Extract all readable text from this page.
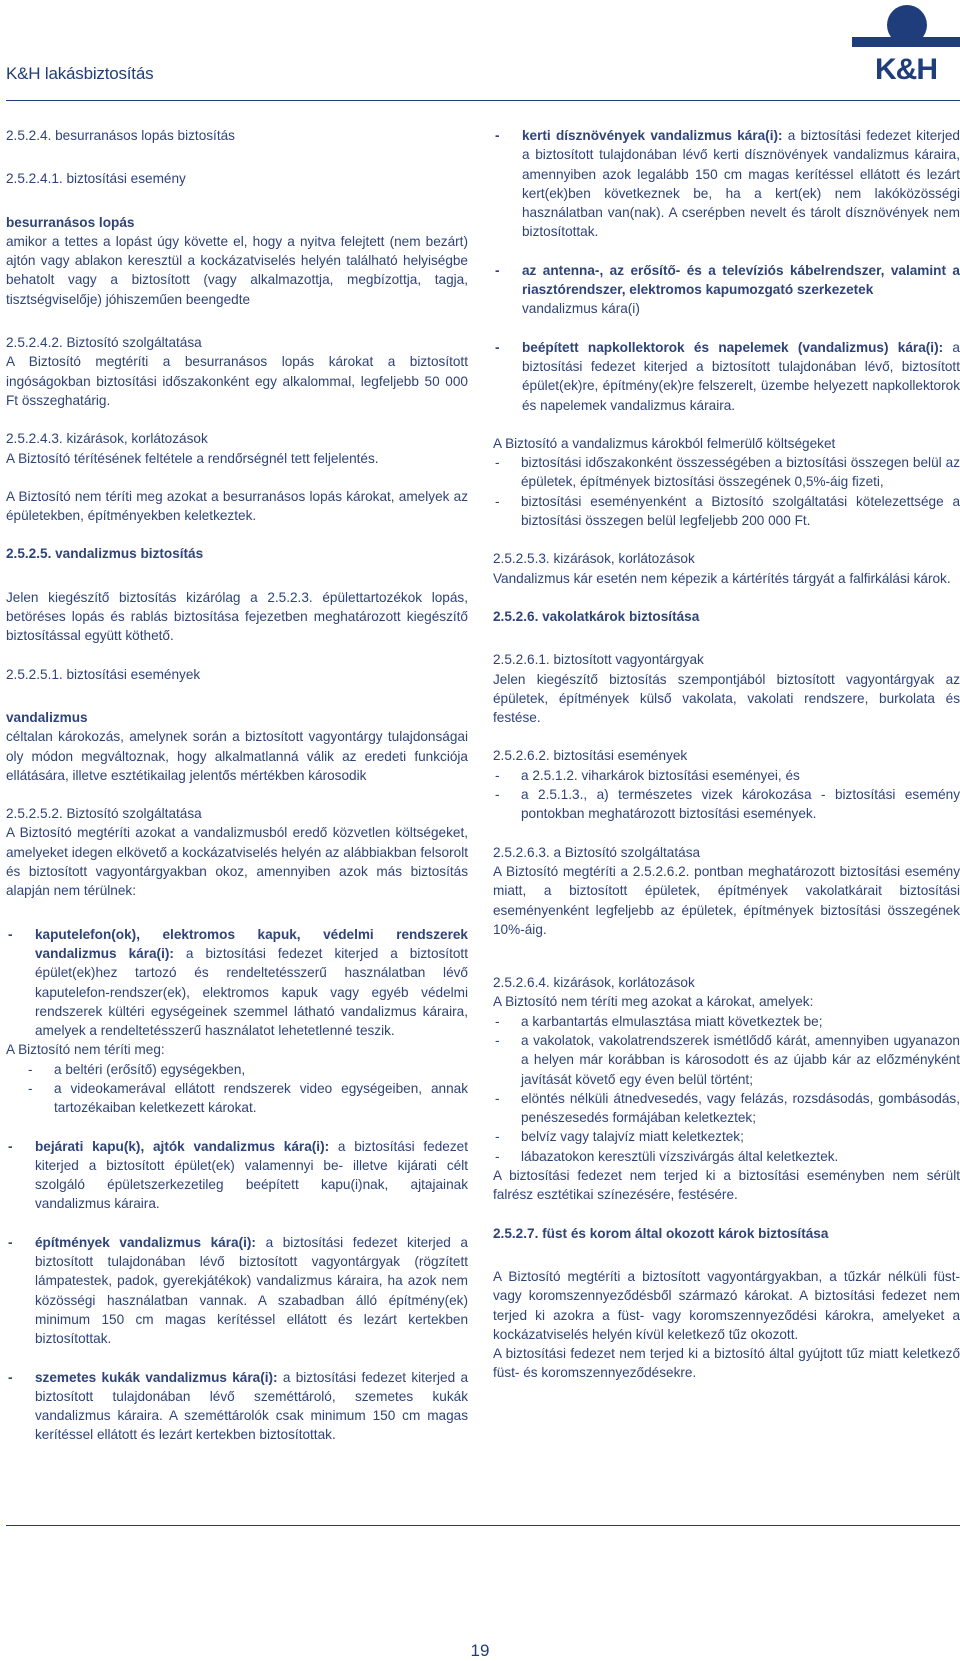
K&H lakásbiztosítás	K&H

2.5.2.4. besurranásos lopás biztosítás

2.5.2.4.1. biztosítási esemény

besurranásos lopás

amikor a tettes a lopást úgy követte el, hogy a nyitva felejtett (nem bezárt) ajtón vagy ablakon keresztül a kockázatviselés helyén található helyiségbe behatolt vagy a biztosított (vagy alkalmazottja, megbízottja, tagja, tisztségviselője) jóhiszeműen beengedte

2.5.2.4.2. Biztosító szolgáltatása

A Biztosító megtéríti a besurranásos lopás károkat a biztosított ingóságokban biztosítási időszakonként egy alkalommal, legfeljebb 50 000 Ft összeghatárig.

2.5.2.4.3. kizárások, korlátozások

A Biztosító térítésének feltétele a rendőrségnél tett feljelentés.

A Biztosító nem téríti meg azokat a besurranásos lopás károkat, amelyek az épületekben, építményekben keletkeztek.

2.5.2.5. vandalizmus biztosítás

Jelen kiegészítő biztosítás kizárólag a 2.5.2.3. épülettartozékok lopás, betöréses lopás és rablás biztosítása fejezetben meghatározott kiegészítő biztosítással együtt köthető.

2.5.2.5.1. biztosítási események

vandalizmus

céltalan károkozás, amelynek során a biztosított vagyontárgy tulajdonságai oly módon megváltoznak, hogy alkalmatlanná válik az eredeti funkciója ellátására, illetve esztétikailag jelentős mértékben károsodik

2.5.2.5.2. Biztosító szolgáltatása

A Biztosító megtéríti azokat a vandalizmusból eredő közvetlen költségeket, amelyeket idegen elkövető a kockázatviselés helyén az alábbiakban felsorolt és biztosított vagyontárgyakban okoz, amennyiben azok más biztosítás alapján nem térülnek:

- kaputelefon(ok), elektromos kapuk, védelmi rendszerek vandalizmus kára(i): a biztosítási fedezet kiterjed a biztosított épület(ek)hez tartozó és rendeltetésszerű használatban lévő kaputelefon-rendszer(ek), elektromos kapuk vagy egyéb védelmi rendszerek kültéri egységeinek szemmel látható vandalizmus káraira, amelyek a rendeltetésszerű használatot lehetetlenné teszik.
A Biztosító nem téríti meg:
- a beltéri (erősítő) egységekben,
- a videokamerával ellátott rendszerek video egységeiben, annak tartozékaiban keletkezett károkat.
- bejárati kapu(k), ajtók vandalizmus kára(i): a biztosítási fedezet kiterjed a biztosított épület(ek) valamennyi be- illetve kijárati célt szolgáló épületszerkezetileg beépített kapu(i)nak, ajtajainak vandalizmus káraira.
- építmények vandalizmus kára(i): a biztosítási fedezet kiterjed a biztosított tulajdonában lévő biztosított vagyontárgyak (rögzített lámpatestek, padok, gyerekjátékok) vandalizmus káraira, ha azok nem közösségi használatban vannak. A szabadban álló építmény(ek) minimum 150 cm magas kerítéssel ellátott és lezárt kertekben biztosítottak.
- szemetes kukák vandalizmus kára(i): a biztosítási fedezet kiterjed a biztosított tulajdonában lévő szeméttároló, szemetes kukák vandalizmus káraira. A szeméttárolók csak minimum 150 cm magas kerítéssel ellátott és lezárt kertekben biztosítottak.
- kerti dísznövények vandalizmus kára(i): a biztosítási fedezet kiterjed a biztosított tulajdonában lévő kerti dísznövények vandalizmus káraira, amennyiben azok legalább 150 cm magas kerítéssel ellátott és lezárt kert(ek)ben következnek be, ha a kert(ek) nem lakóközösségi használatban van(nak). A cserépben nevelt és tárolt dísznövények nem biztosítottak.
- az antenna-, az erősítő- és a televíziós kábelrendszer, valamint a riasztórendszer, elektromos kapumozgató szerkezetek
vandalizmus kára(i)
- beépített napkollektorok és napelemek (vandalizmus) kára(i): a biztosítási fedezet kiterjed a biztosított tulajdonában lévő, biztosított épület(ek)re, építmény(ek)re felszerelt, üzembe helyezett napkollektorok és napelemek vandalizmus káraira.

A Biztosító a vandalizmus károkból felmerülő költségeket

- biztosítási időszakonként összességében a biztosítási összegen belül az épületek, építmények biztosítási összegének 0,5%-áig fizeti,
- biztosítási eseményenként a Biztosító szolgáltatási kötelezettsége a biztosítási összegen belül legfeljebb 200 000 Ft.

2.5.2.5.3. kizárások, korlátozások

Vandalizmus kár esetén nem képezik a kártérítés tárgyát a falfirkálási károk.

2.5.2.6. vakolatkárok biztosítása

2.5.2.6.1. biztosított vagyontárgyak

Jelen kiegészítő biztosítás szempontjából biztosított vagyontárgyak az épületek, építmények külső vakolata, vakolati rendszere, burkolata és festése.

2.5.2.6.2. biztosítási események

- a 2.5.1.2. viharkárok biztosítási eseményei, és
- a 2.5.1.3., a) természetes vizek károkozása - biztosítási esemény pontokban meghatározott biztosítási események.

2.5.2.6.3. a Biztosító szolgáltatása

A Biztosító megtéríti a 2.5.2.6.2. pontban meghatározott biztosítási esemény miatt, a biztosított épületek, építmények vakolatkárait biztosítási eseményenként legfeljebb az épületek, építmények biztosítási összegének 10%-áig.

2.5.2.6.4. kizárások, korlátozások

A Biztosító nem téríti meg azokat a károkat, amelyek:

- a karbantartás elmulasztása miatt következtek be;
- a vakolatok, vakolatrendszerek ismétlődő kárát, amennyiben ugyanazon a helyen már korábban is károsodott és az újabb kár az előzményként javítását követő egy éven belül történt;
- elöntés nélküli átnedvesedés, vagy felázás, rozsdásodás, gombásodás, penészesedés formájában keletkeztek;
- belvíz vagy talajvíz miatt keletkeztek;
- lábazatokon keresztüli vízszivárgás által keletkeztek.

A biztosítási fedezet nem terjed ki a biztosítási eseményben nem sérült falrész esztétikai színezésére, festésére.

2.5.2.7. füst és korom által okozott károk biztosítása

A Biztosító megtéríti a biztosított vagyontárgyakban, a tűzkár nélküli füst- vagy koromszennyeződésből származó károkat. A biztosítási fedezet nem terjed ki azokra a füst- vagy koromszennyeződési károkra, amelyeket a kockázatviselés helyén kívül keletkező tűz okozott.

A biztosítási fedezet nem terjed ki a biztosító által gyújtott tűz miatt keletkező füst- és koromszennyeződésekre.

19
